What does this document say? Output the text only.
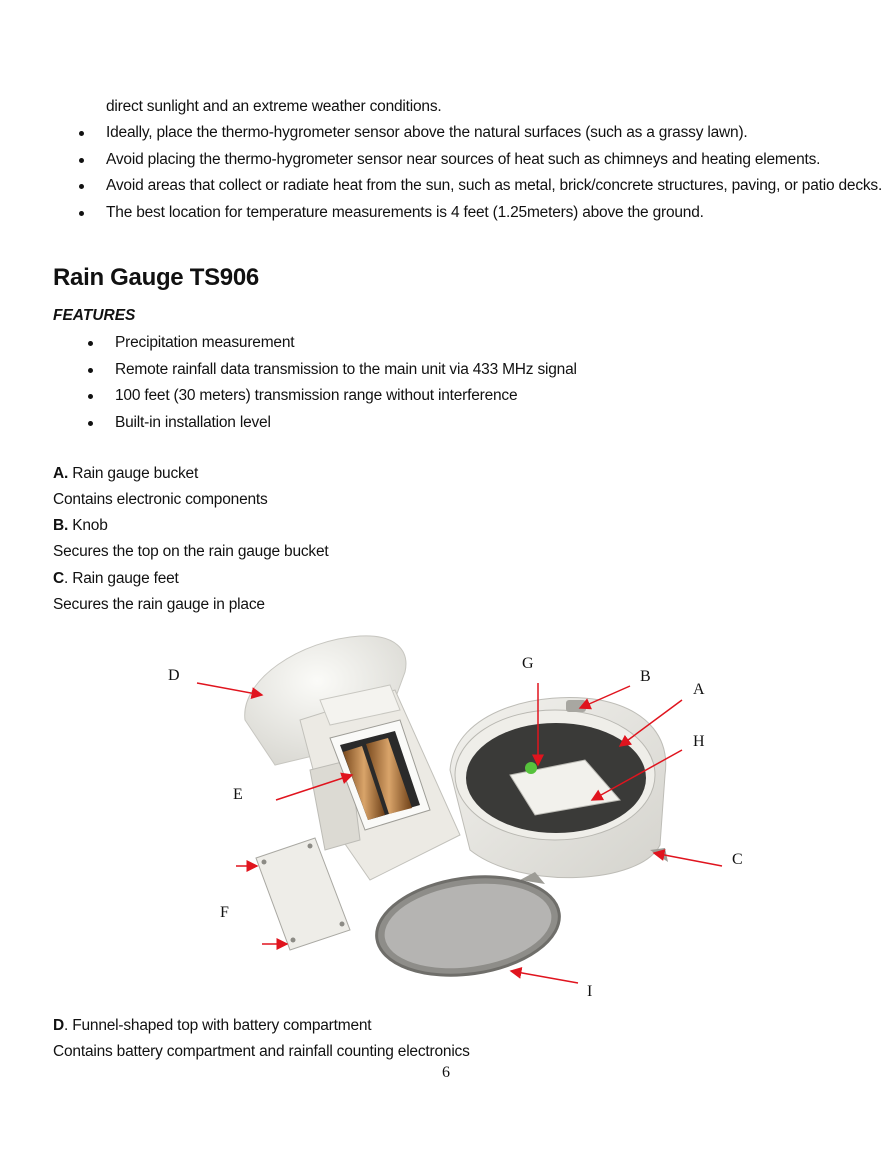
direct sunlight and an extreme weather conditions.
Ideally, place the thermo-hygrometer sensor above the natural surfaces (such as a grassy lawn).
Avoid placing the thermo-hygrometer sensor near sources of heat such as chimneys and heating elements.
Avoid areas that collect or radiate heat from the sun, such as metal, brick/concrete structures, paving, or patio decks.
The best location for temperature measurements is 4 feet (1.25meters) above the ground.
Rain Gauge TS906
FEATURES
Precipitation measurement
Remote rainfall data transmission to the main unit via 433 MHz signal
100 feet (30 meters) transmission range without interference
Built-in installation level
A. Rain gauge bucket
Contains electronic components
B. Knob
Secures the top on the rain gauge bucket
C. Rain gauge feet
Secures the rain gauge in place
D
G
B
A
H
E
C
F
I
D. Funnel-shaped top with battery compartment
Contains battery compartment and rainfall counting electronics
6
